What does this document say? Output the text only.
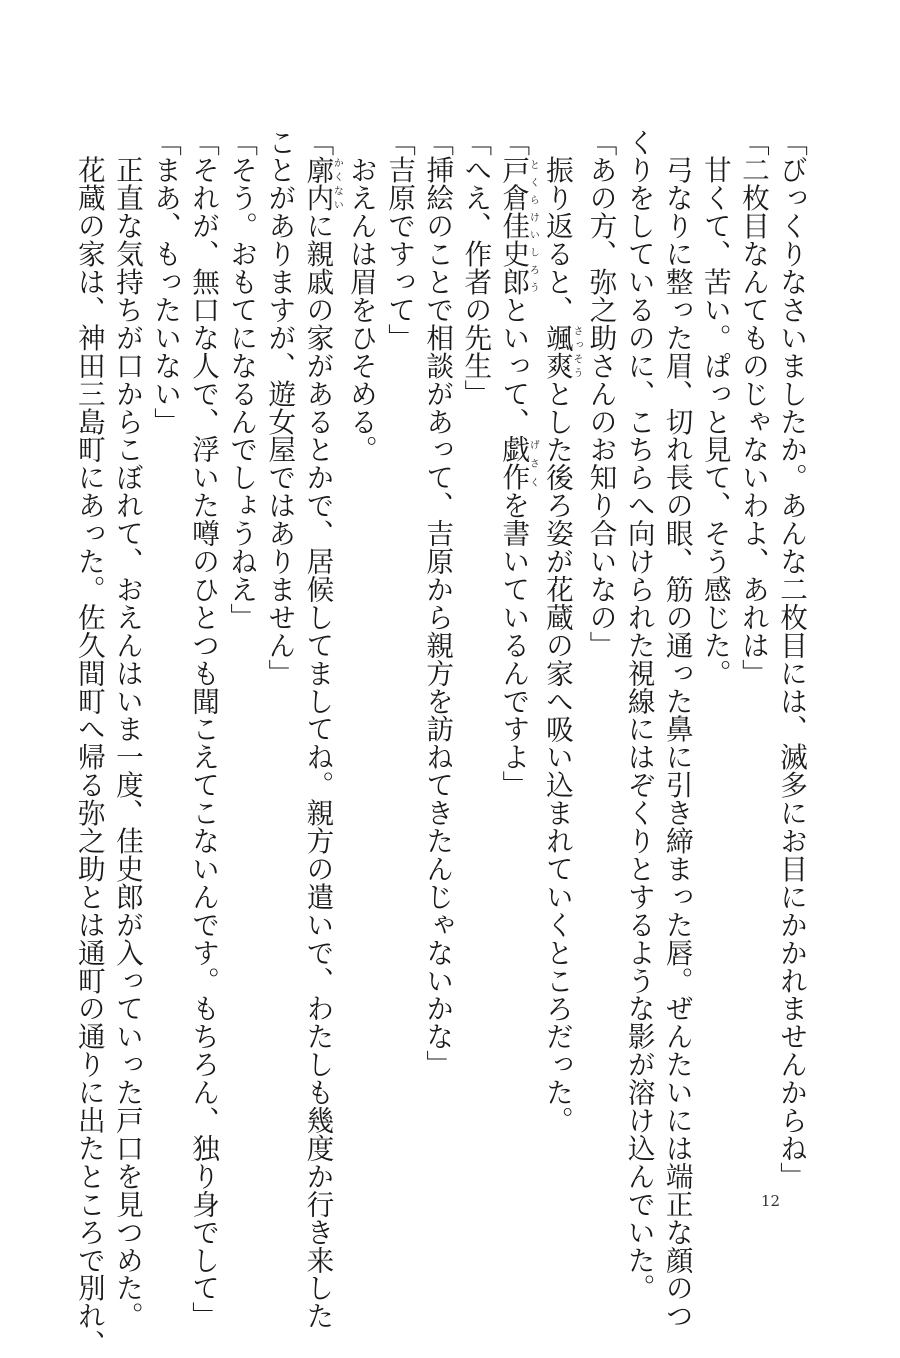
「びっくりなさいましたか。あんな二枚目には、滅多にお目にかかれませんからね」
「二枚目なんてものじゃないわよ、あれは」
　甘くて、苦い。ぱっと見て、そう感じた。
　弓なりに整った眉、切れ長の眼、筋の通った鼻に引き締まった唇。ぜんたいには端正な顔のつ
くりをしているのに、こちらへ向けられた視線にはぞくりとするような影が溶け込んでいた。
「あの方、弥之助さんのお知り合いなの」
　振り返ると、颯爽さっそうとした後ろ姿が花蔵の家へ吸い込まれていくところだった。
「戸倉佳史郎とくらけいしろうといって、戯作げさくを書いているんですよ」
「へえ、作者の先生」
「挿絵のことで相談があって、吉原から親方を訪ねてきたんじゃないかな」
「吉原ですって」
　おえんは眉をひそめる。
「廓内かくないに親戚の家があるとかで、居候してましてね。親方の遣いで、わたしも幾度か行き来した
ことがありますが、遊女屋ではありません」
「そう。おもてになるんでしょうねえ」
「それが、無口な人で、浮いた噂のひとつも聞こえてこないんです。もちろん、独り身でして」
「まあ、もったいない」
　正直な気持ちが口からこぼれて、おえんはいま一度、佳史郎が入っていった戸口を見つめた。
　花蔵の家は、神田三島町にあった。佐久間町へ帰る弥之助とは通町の通りに出たところで別れ、	12
